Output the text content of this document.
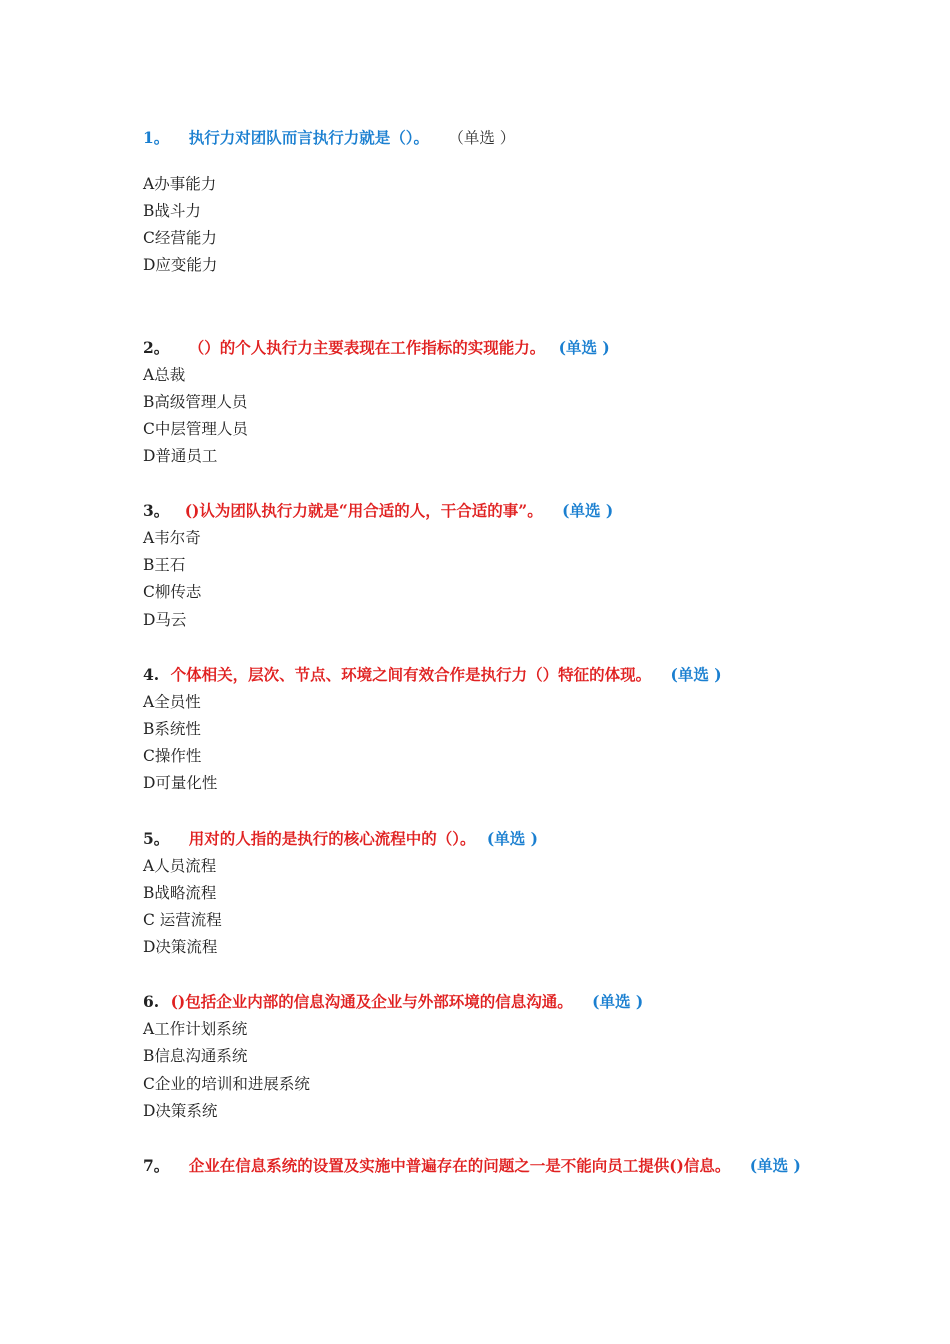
1。 执行力对团队而言执行力就是（）。 （单选 ）
A办事能力
B战斗力
C经营能力
D应变能力
2。 （）的个人执行力主要表现在工作指标的实现能力。 (单选 )
A总裁
B高级管理人员
C中层管理人员
D普通员工
3。 ()认为团队执行力就是“用合适的人，干合适的事”。 (单选 )
A韦尔奇
B王石
C柳传志
D马云
4. 个体相关，层次、节点、环境之间有效合作是执行力（）特征的体现。 (单选 )
A全员性
B系统性
C操作性
D可量化性
5。 用对的人指的是执行的核心流程中的（）。 (单选 )
A人员流程
B战略流程
C 运营流程
D决策流程
6. ()包括企业内部的信息沟通及企业与外部环境的信息沟通。 (单选 )
A工作计划系统
B信息沟通系统
C企业的培训和进展系统
D决策系统
7。 企业在信息系统的设置及实施中普遍存在的问题之一是不能向员工提供()信息。 (单选 )
